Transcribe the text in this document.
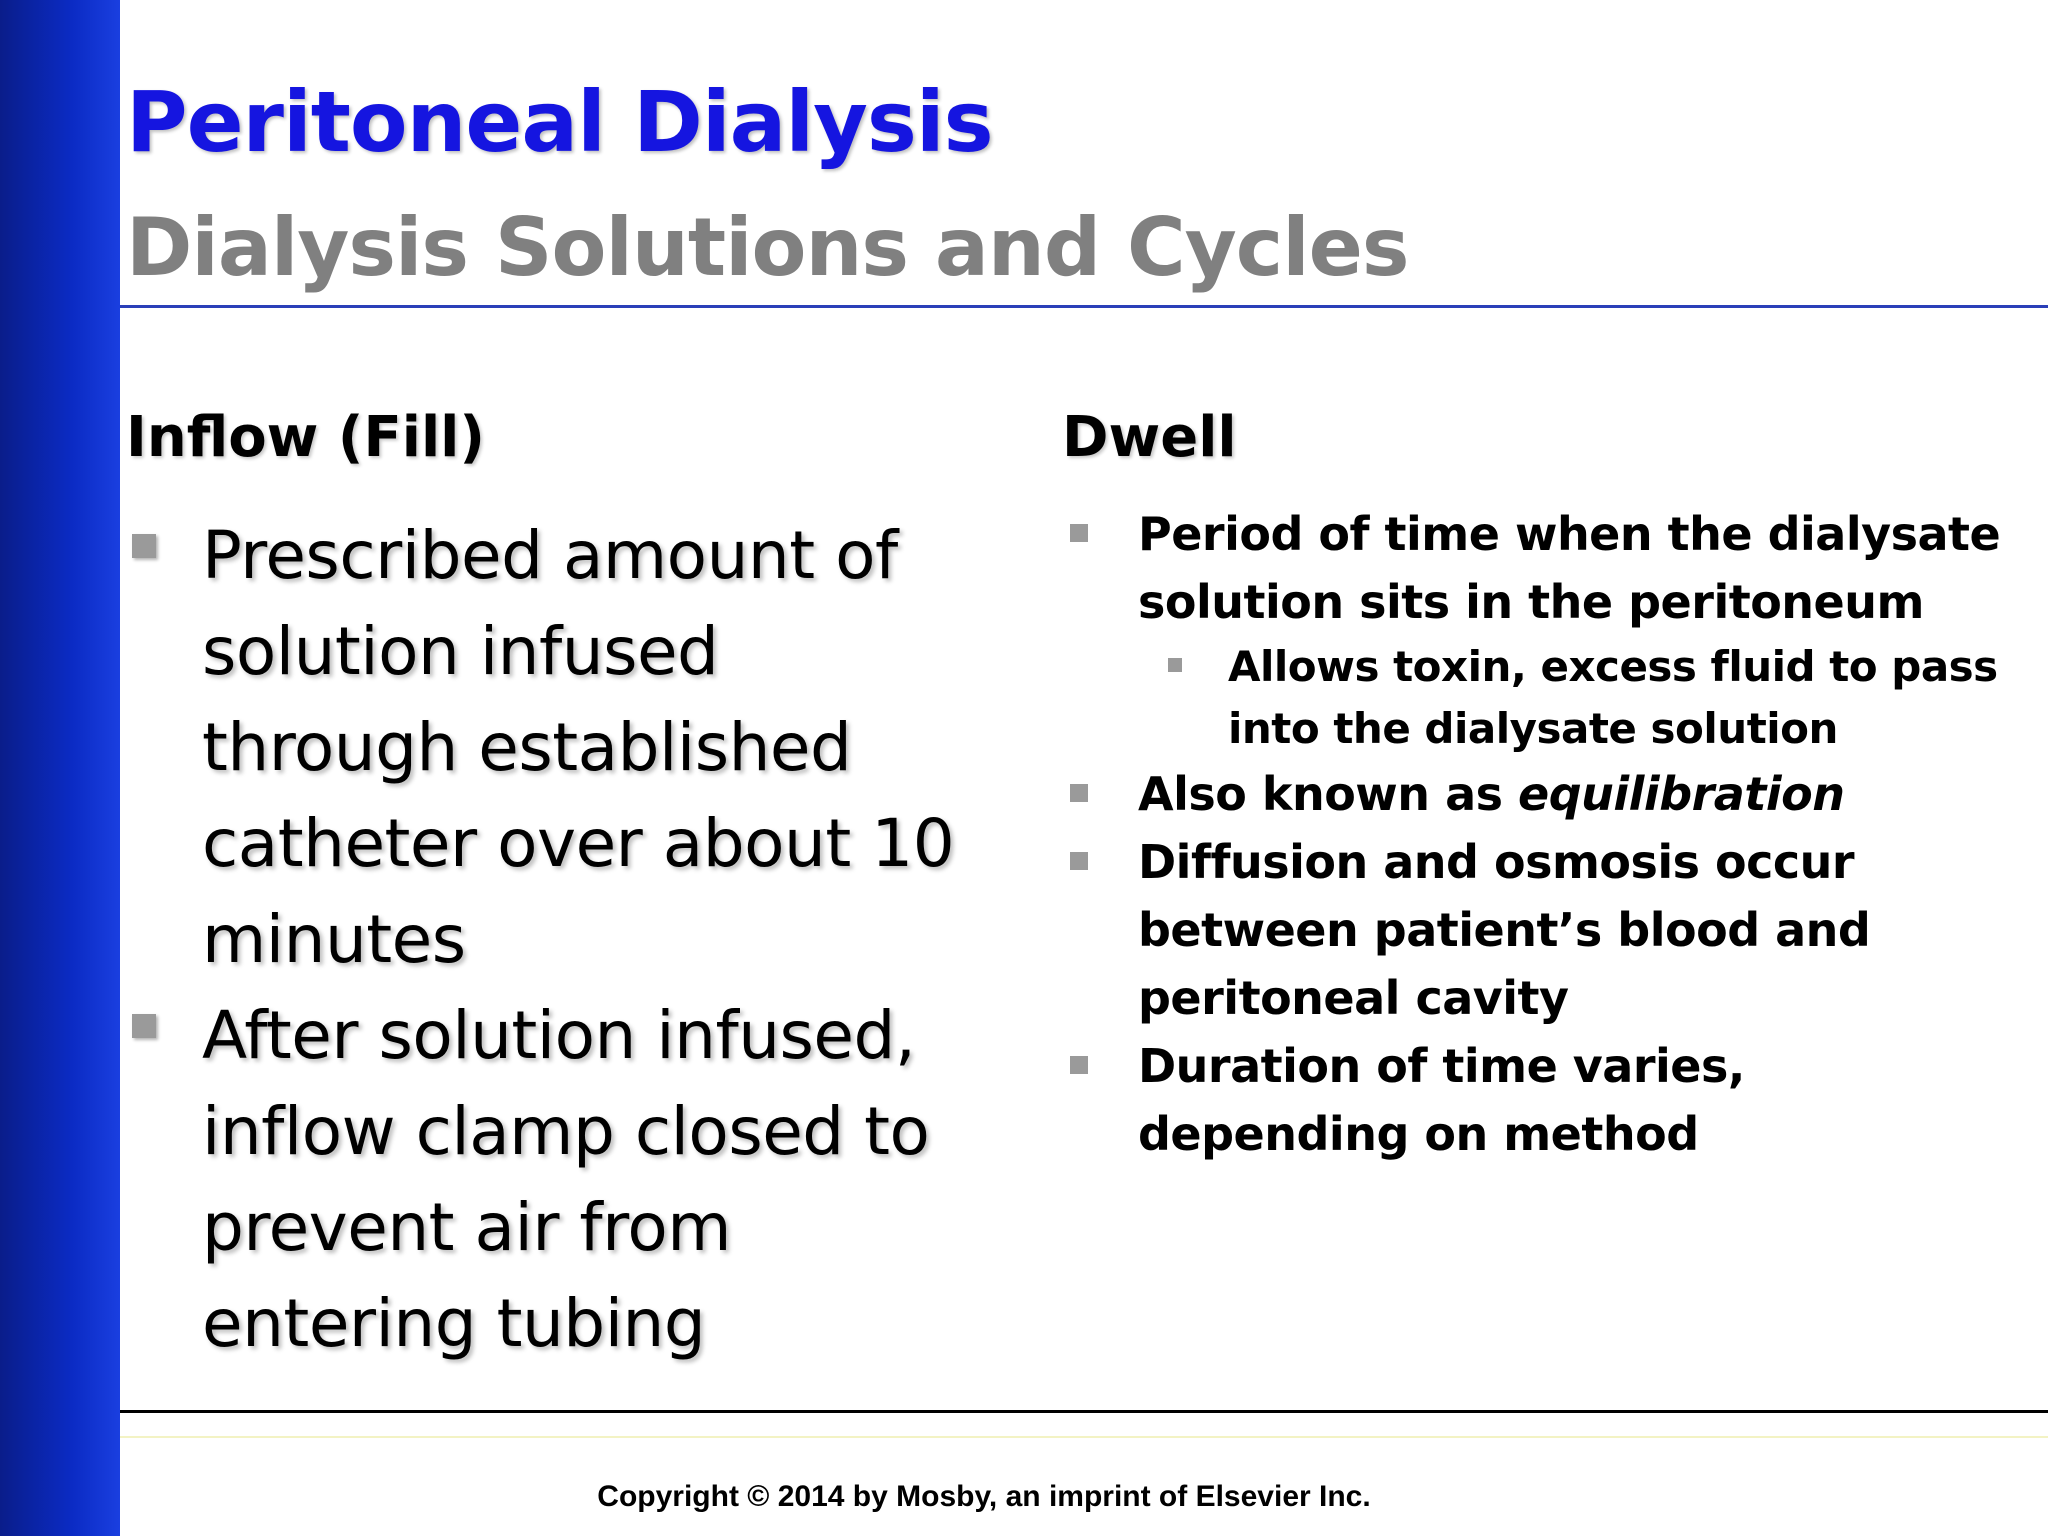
Peritoneal Dialysis
Dialysis Solutions and Cycles
Inflow (Fill)
Prescribed amount of solution infused through established catheter over about 10 minutes
After solution infused, inflow clamp closed to prevent air from entering tubing
Dwell
Period of time when the dialysate solution sits in the peritoneum
Allows toxin, excess fluid to pass into the dialysate solution
Also known as equilibration
Diffusion and osmosis occur between patient’s blood and peritoneal cavity
Duration of time varies, depending on method
Copyright © 2014 by Mosby, an imprint of Elsevier Inc.
